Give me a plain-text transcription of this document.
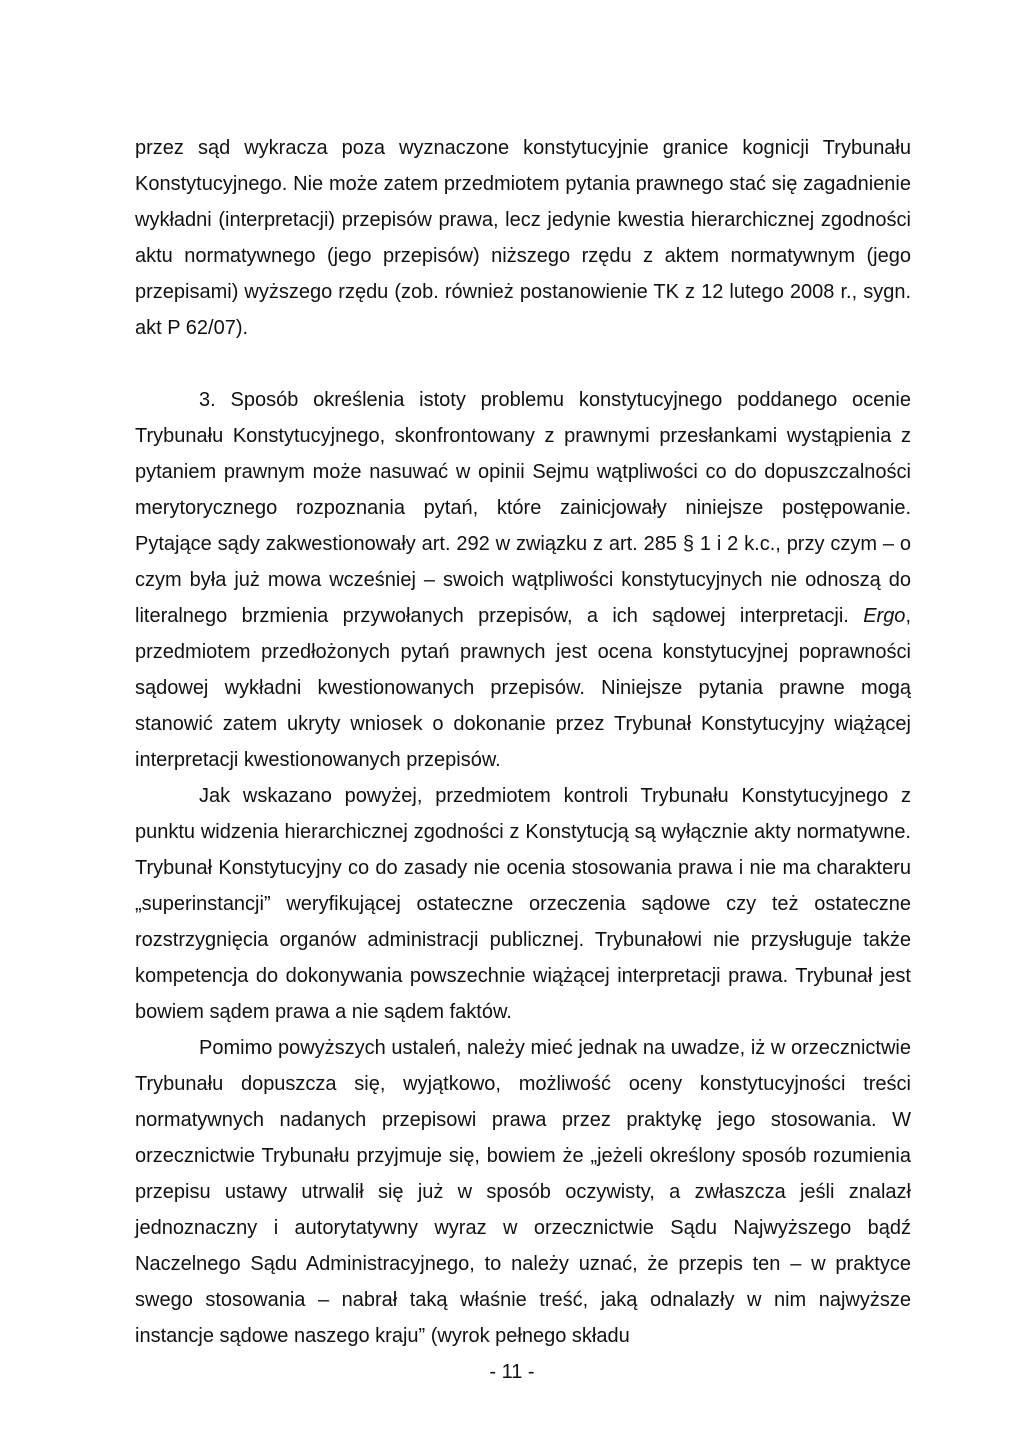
przez sąd wykracza poza wyznaczone konstytucyjnie granice kognicji Trybunału Konstytucyjnego. Nie może zatem przedmiotem pytania prawnego stać się zagadnienie wykładni (interpretacji) przepisów prawa, lecz jedynie kwestia hierarchicznej zgodności aktu normatywnego (jego przepisów) niższego rzędu z aktem normatywnym (jego przepisami) wyższego rzędu (zob. również postanowienie TK z 12 lutego 2008 r., sygn. akt P 62/07).

3. Sposób określenia istoty problemu konstytucyjnego poddanego ocenie Trybunału Konstytucyjnego, skonfrontowany z prawnymi przesłankami wystąpienia z pytaniem prawnym może nasuwać w opinii Sejmu wątpliwości co do dopuszczalności merytorycznego rozpoznania pytań, które zainicjowały niniejsze postępowanie. Pytające sądy zakwestionowały art. 292 w związku z art. 285 § 1 i 2 k.c., przy czym – o czym była już mowa wcześniej – swoich wątpliwości konstytucyjnych nie odnoszą do literalnego brzmienia przywołanych przepisów, a ich sądowej interpretacji. Ergo, przedmiotem przedłożonych pytań prawnych jest ocena konstytucyjnej poprawności sądowej wykładni kwestionowanych przepisów. Niniejsze pytania prawne mogą stanowić zatem ukryty wniosek o dokonanie przez Trybunał Konstytucyjny wiążącej interpretacji kwestionowanych przepisów.

Jak wskazano powyżej, przedmiotem kontroli Trybunału Konstytucyjnego z punktu widzenia hierarchicznej zgodności z Konstytucją są wyłącznie akty normatywne. Trybunał Konstytucyjny co do zasady nie ocenia stosowania prawa i nie ma charakteru „superinstancji” weryfikującej ostateczne orzeczenia sądowe czy też ostateczne rozstrzygnięcia organów administracji publicznej. Trybunałowi nie przysługuje także kompetencja do dokonywania powszechnie wiążącej interpretacji prawa. Trybunał jest bowiem sądem prawa a nie sądem faktów.

Pomimo powyższych ustaleń, należy mieć jednak na uwadze, iż w orzecznictwie Trybunału dopuszcza się, wyjątkowo, możliwość oceny konstytucyjności treści normatywnych nadanych przepisowi prawa przez praktykę jego stosowania. W orzecznictwie Trybunału przyjmuje się, bowiem że „jeżeli określony sposób rozumienia przepisu ustawy utrwalił się już w sposób oczywisty, a zwłaszcza jeśli znalazł jednoznaczny i autorytatywny wyraz w orzecznictwie Sądu Najwyższego bądź Naczelnego Sądu Administracyjnego, to należy uznać, że przepis ten – w praktyce swego stosowania – nabrał taką właśnie treść, jaką odnalazły w nim najwyższe instancje sądowe naszego kraju” (wyrok pełnego składu

- 11 -
